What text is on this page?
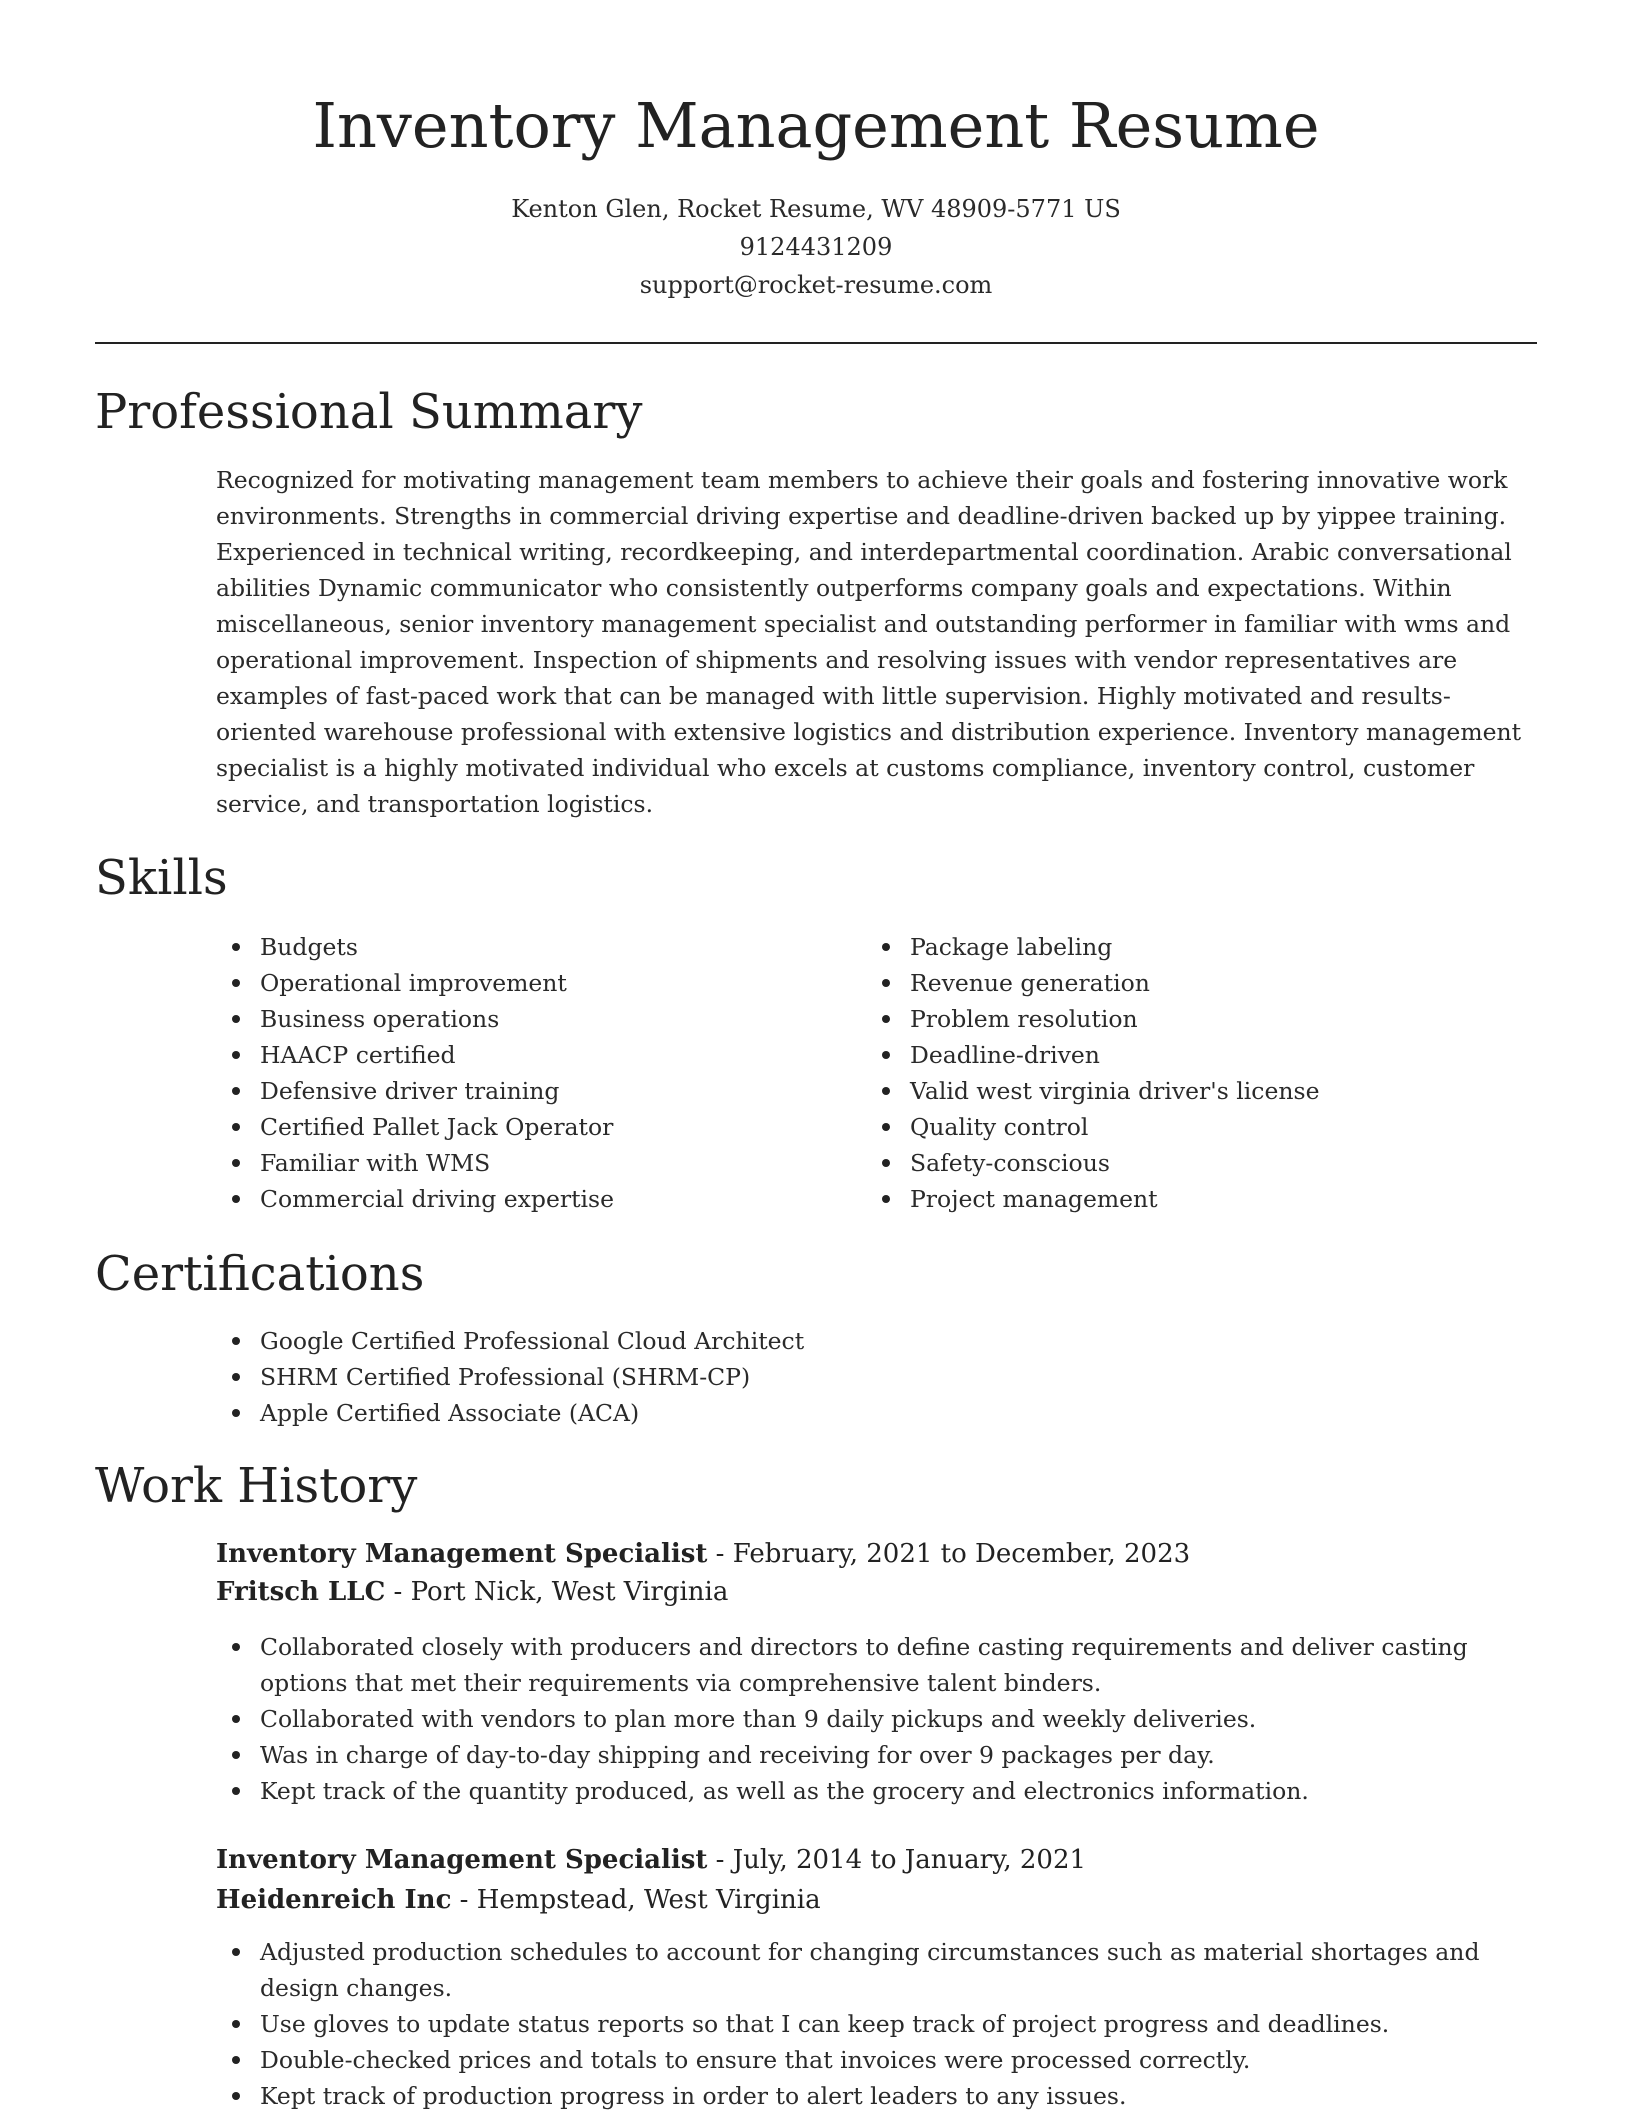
Inventory Management Resume
Kenton Glen, Rocket Resume, WV 48909-5771 US
9124431209
support@rocket-resume.com
Professional Summary

Recognized for motivating management team members to achieve their goals and fostering innovative work environments. Strengths in commercial driving expertise and deadline-driven backed up by yippee training. Experienced in technical writing, recordkeeping, and interdepartmental coordination. Arabic conversational abilities Dynamic communicator who consistently outperforms company goals and expectations. Within miscellaneous, senior inventory management specialist and outstanding performer in familiar with wms and operational improvement. Inspection of shipments and resolving issues with vendor representatives are examples of fast-paced work that can be managed with little supervision. Highly motivated and results-oriented warehouse professional with extensive logistics and distribution experience. Inventory management specialist is a highly motivated individual who excels at customs compliance, inventory control, customer service, and transportation logistics.

Skills
Budgets
Operational improvement
Business operations
HAACP certified
Defensive driver training
Certified Pallet Jack Operator
Familiar with WMS
Commercial driving expertise
Package labeling
Revenue generation
Problem resolution
Deadline-driven
Valid west virginia driver's license
Quality control
Safety-conscious
Project management
Certifications
Google Certified Professional Cloud Architect
SHRM Certified Professional (SHRM-CP)
Apple Certified Associate (ACA)
Work History
Inventory Management Specialist - February, 2021 to December, 2023
Fritsch LLC - Port Nick, West Virginia
Collaborated closely with producers and directors to define casting requirements and deliver casting options that met their requirements via comprehensive talent binders.
Collaborated with vendors to plan more than 9 daily pickups and weekly deliveries.
Was in charge of day-to-day shipping and receiving for over 9 packages per day.
Kept track of the quantity produced, as well as the grocery and electronics information.
Inventory Management Specialist - July, 2014 to January, 2021
Heidenreich Inc - Hempstead, West Virginia
Adjusted production schedules to account for changing circumstances such as material shortages and design changes.
Use gloves to update status reports so that I can keep track of project progress and deadlines.
Double-checked prices and totals to ensure that invoices were processed correctly.
Kept track of production progress in order to alert leaders to any issues.
